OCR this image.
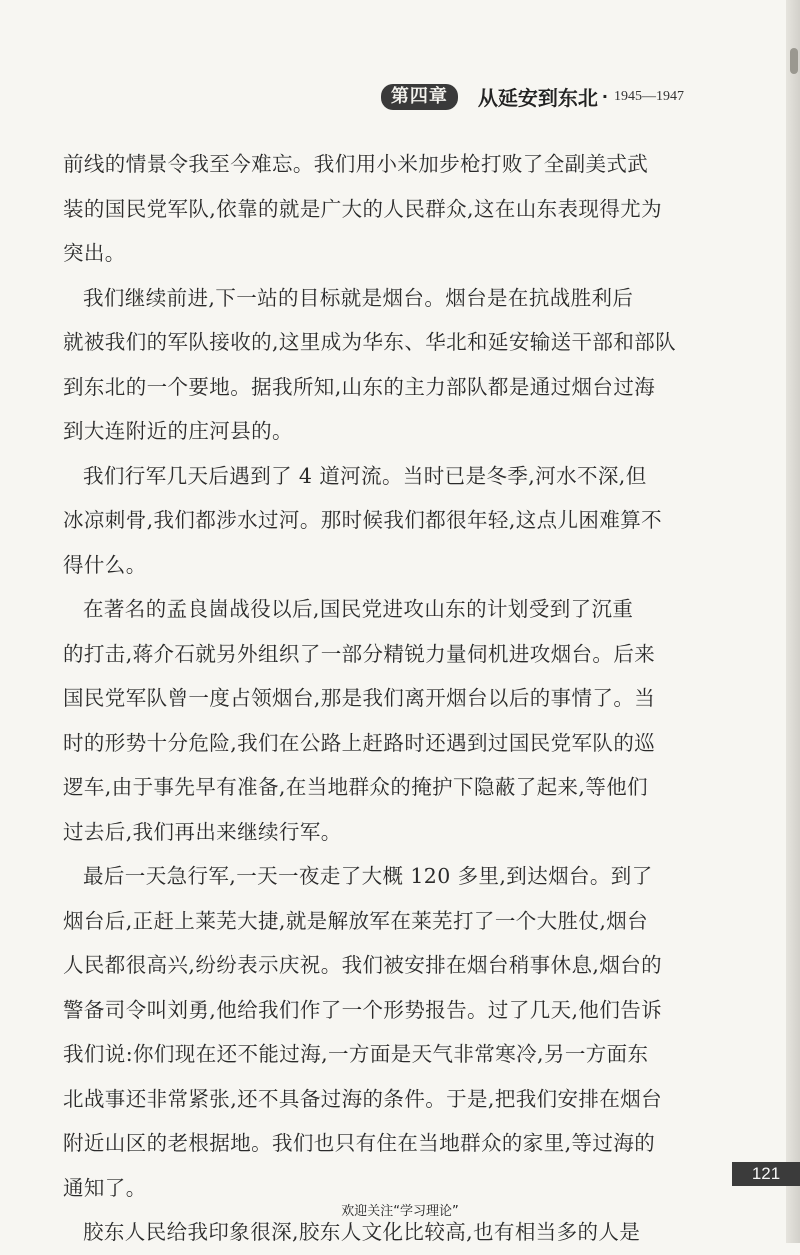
第四章	从延安到东北 · 1945—1947
前线的情景令我至今难忘。我们用小米加步枪打败了全副美式武
装的国民党军队,依靠的就是广大的人民群众,这在山东表现得尤为
突出。
我们继续前进,下一站的目标就是烟台。烟台是在抗战胜利后
就被我们的军队接收的,这里成为华东、华北和延安输送干部和部队
到东北的一个要地。据我所知,山东的主力部队都是通过烟台过海
到大连附近的庄河县的。
我们行军几天后遇到了 4 道河流。当时已是冬季,河水不深,但
冰凉刺骨,我们都涉水过河。那时候我们都很年轻,这点儿困难算不
得什么。
在著名的孟良崮战役以后,国民党进攻山东的计划受到了沉重
的打击,蒋介石就另外组织了一部分精锐力量伺机进攻烟台。后来
国民党军队曾一度占领烟台,那是我们离开烟台以后的事情了。当
时的形势十分危险,我们在公路上赶路时还遇到过国民党军队的巡
逻车,由于事先早有准备,在当地群众的掩护下隐蔽了起来,等他们
过去后,我们再出来继续行军。
最后一天急行军,一天一夜走了大概 120 多里,到达烟台。到了
烟台后,正赶上莱芜大捷,就是解放军在莱芜打了一个大胜仗,烟台
人民都很高兴,纷纷表示庆祝。我们被安排在烟台稍事休息,烟台的
警备司令叫刘勇,他给我们作了一个形势报告。过了几天,他们告诉
我们说:你们现在还不能过海,一方面是天气非常寒冷,另一方面东
北战事还非常紧张,还不具备过海的条件。于是,把我们安排在烟台
附近山区的老根据地。我们也只有住在当地群众的家里,等过海的
通知了。
胶东人民给我印象很深,胶东人文化比较高,也有相当多的人是
121
欢迎关注“学习理论”
